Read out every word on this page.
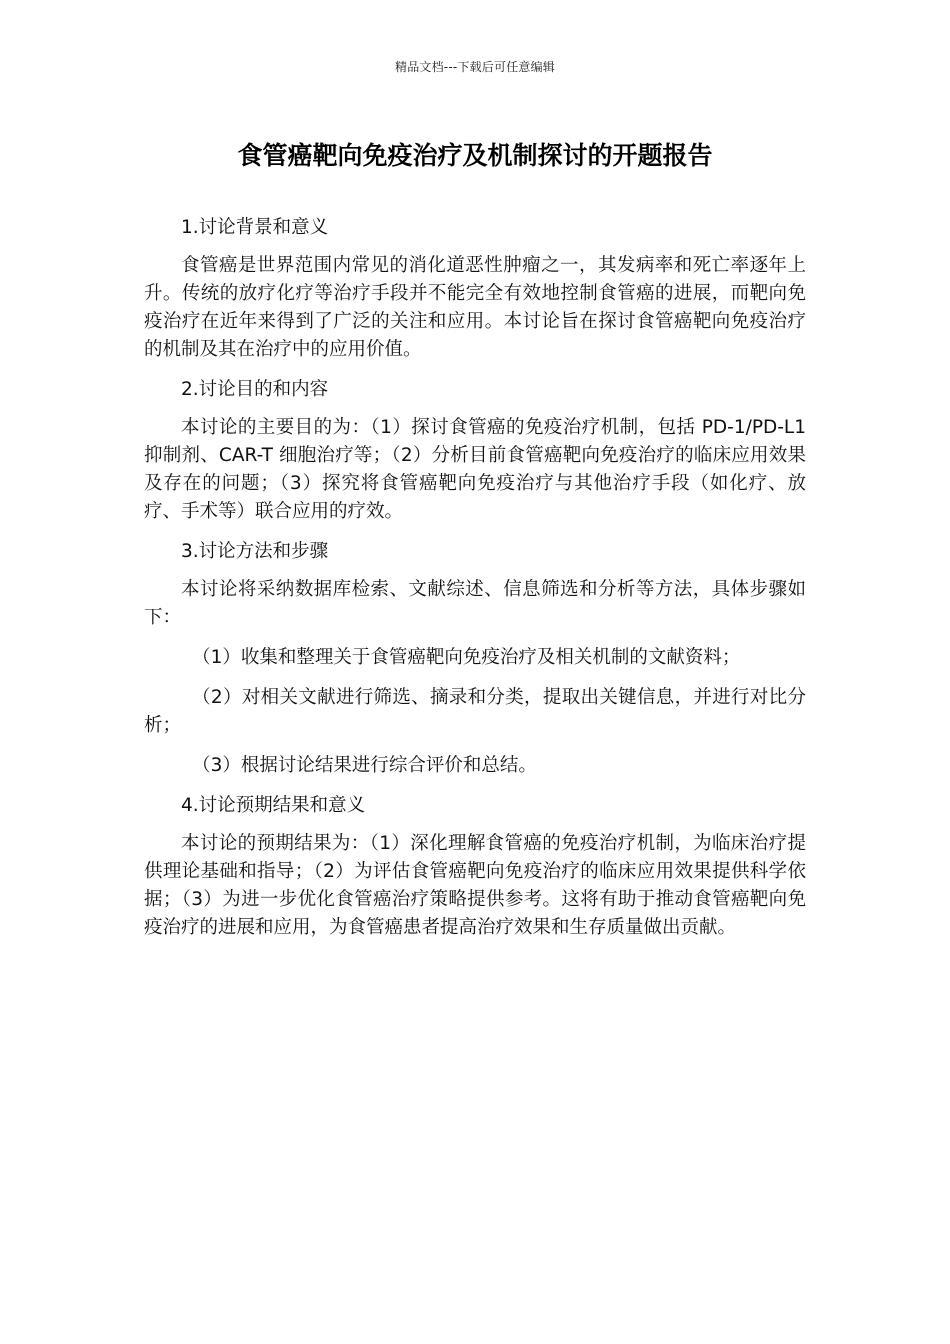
精品文档---下载后可任意编辑
食管癌靶向免疫治疗及机制探讨的开题报告

1.讨论背景和意义

食管癌是世界范围内常见的消化道恶性肿瘤之一，其发病率和死亡率逐年上升。传统的放疗化疗等治疗手段并不能完全有效地控制食管癌的进展，而靶向免疫治疗在近年来得到了广泛的关注和应用。本讨论旨在探讨食管癌靶向免疫治疗的机制及其在治疗中的应用价值。

2.讨论目的和内容

本讨论的主要目的为：（1）探讨食管癌的免疫治疗机制，包括 PD-1/PD-L1 抑制剂、CAR-T 细胞治疗等；（2）分析目前食管癌靶向免疫治疗的临床应用效果及存在的问题；（3）探究将食管癌靶向免疫治疗与其他治疗手段（如化疗、放疗、手术等）联合应用的疗效。

3.讨论方法和步骤

本讨论将采纳数据库检索、文献综述、信息筛选和分析等方法，具体步骤如下：

（1）收集和整理关于食管癌靶向免疫治疗及相关机制的文献资料；

（2）对相关文献进行筛选、摘录和分类，提取出关键信息，并进行对比分析；

（3）根据讨论结果进行综合评价和总结。

4.讨论预期结果和意义

本讨论的预期结果为：（1）深化理解食管癌的免疫治疗机制，为临床治疗提供理论基础和指导；（2）为评估食管癌靶向免疫治疗的临床应用效果提供科学依据；（3）为进一步优化食管癌治疗策略提供参考。这将有助于推动食管癌靶向免疫治疗的进展和应用，为食管癌患者提高治疗效果和生存质量做出贡献。
